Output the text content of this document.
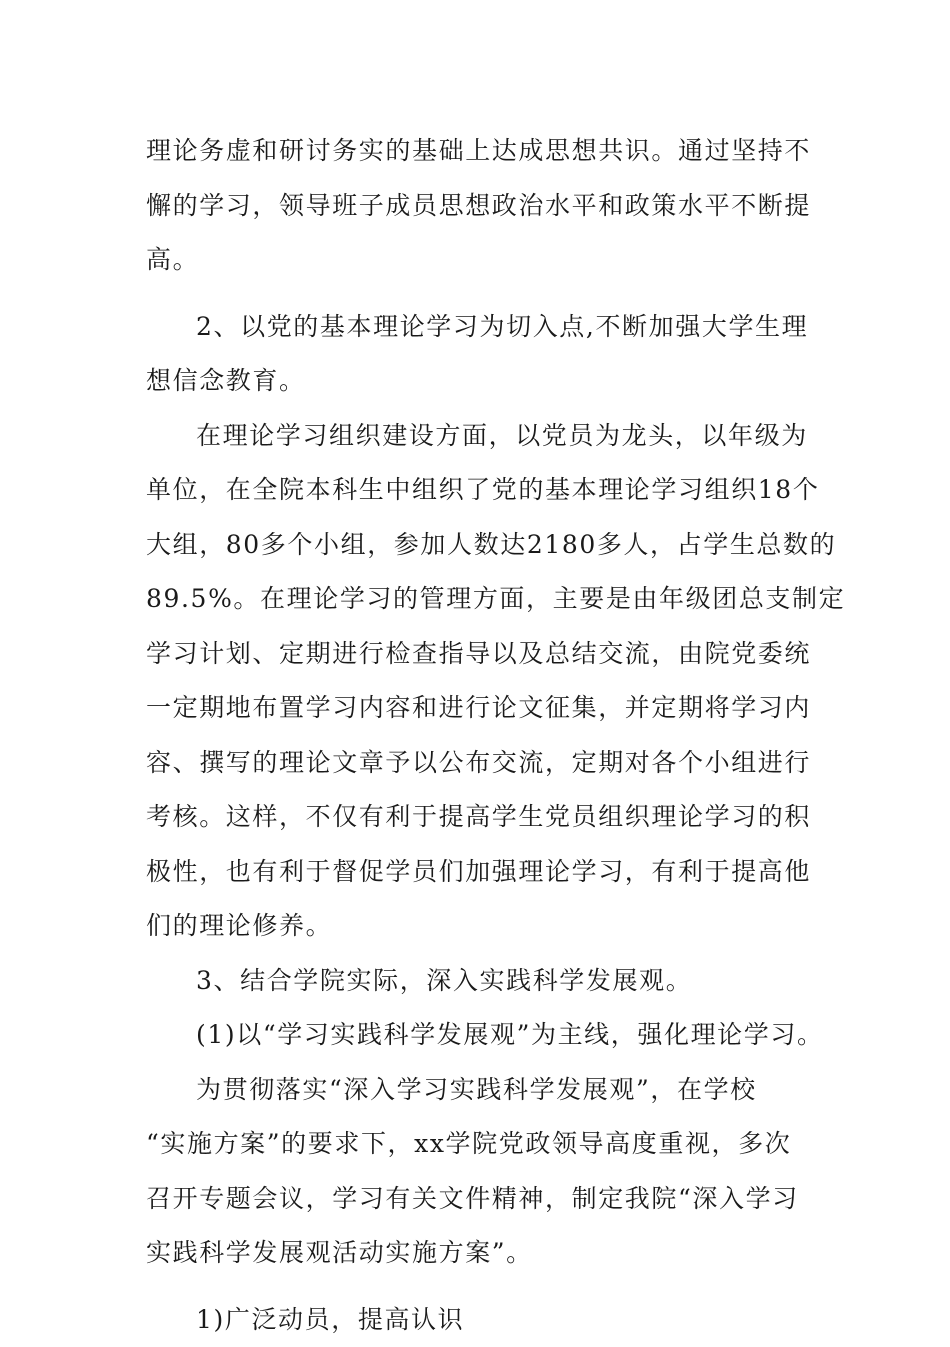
理论务虚和研讨务实的基础上达成思想共识。通过坚持不
懈的学习，领导班子成员思想政治水平和政策水平不断提
高。
2、以党的基本理论学习为切入点,不断加强大学生理
想信念教育。
在理论学习组织建设方面，以党员为龙头，以年级为
单位，在全院本科生中组织了党的基本理论学习组织18个
大组，80多个小组，参加人数达2180多人，占学生总数的
89.5%。在理论学习的管理方面，主要是由年级团总支制定
学习计划、定期进行检查指导以及总结交流，由院党委统
一定期地布置学习内容和进行论文征集，并定期将学习内
容、撰写的理论文章予以公布交流，定期对各个小组进行
考核。这样，不仅有利于提高学生党员组织理论学习的积
极性，也有利于督促学员们加强理论学习，有利于提高他
们的理论修养。
3、结合学院实际，深入实践科学发展观。
(1)以“学习实践科学发展观”为主线，强化理论学习。
为贯彻落实“深入学习实践科学发展观”，在学校
“实施方案”的要求下，xx学院党政领导高度重视，多次
召开专题会议，学习有关文件精神，制定我院“深入学习
实践科学发展观活动实施方案”。
1)广泛动员，提高认识
